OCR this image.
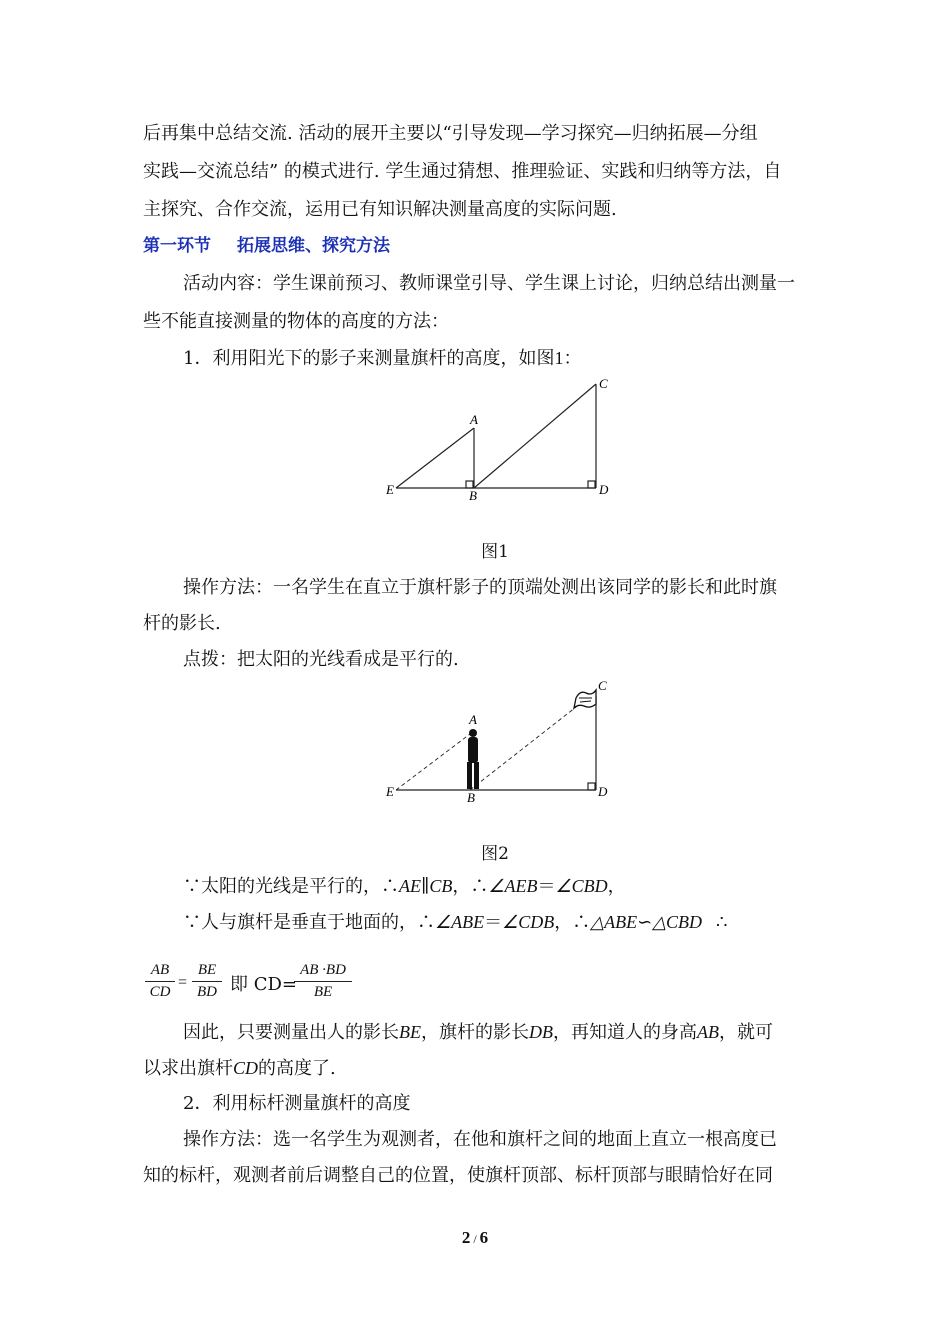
后再集中总结交流. 活动的展开主要以“引导发现—学习探究—归纳拓展—分组
实践—交流总结” 的模式进行. 学生通过猜想、推理验证、实践和归纳等方法，自
主探究、合作交流，运用已有知识解决测量高度的实际问题.
第一环节 拓展思维、探究方法
活动内容：学生课前预习、教师课堂引导、学生课上讨论，归纳总结出测量一
些不能直接测量的物体的高度的方法：
1．利用阳光下的影子来测量旗杆的高度，如图1：
A
B
C
D
E
图1
操作方法：一名学生在直立于旗杆影子的顶端处测出该同学的影长和此时旗
杆的影长.
点拨：把太阳的光线看成是平行的.
A
B
C
D
E
图2
∵太阳的光线是平行的，∴AE∥CB，∴∠AEB＝∠CBD，
∵人与旗杆是垂直于地面的，∴∠ABE＝∠CDB，∴△ABE∽△CBD ∴
AB
CD
=
BE
BD 即 CD=
AB ·BD
BE
因此，只要测量出人的影长BE，旗杆的影长DB，再知道人的身高AB，就可
以求出旗杆CD的高度了.
2．利用标杆测量旗杆的高度
操作方法：选一名学生为观测者，在他和旗杆之间的地面上直立一根高度已
知的标杆，观测者前后调整自己的位置，使旗杆顶部、标杆顶部与眼睛恰好在同
2 / 6
